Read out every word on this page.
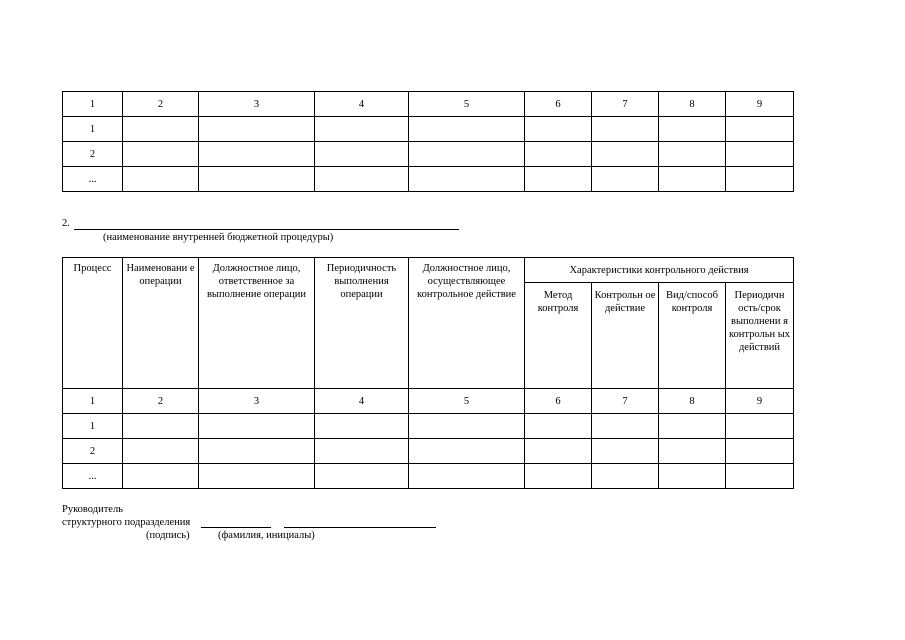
1	2	3	4	5	6	7	8	9
1								
2								
...								
2.
(наименование внутренней бюджетной процедуры)
Процесс	Наименовани е операции	Должностное лицо, ответственное за выполнение операции	Периодичность выполнения операции	Должностное лицо, осуществляющее контрольное действие	Характеристики контрольного действия			
					Метод контроля	Контрольн ое действие	Вид/способ контроля	Периодичн ость/срок выполнени я контрольн ых действий
1	2	3	4	5	6	7	8	9
1								
2								
...								
Руководитель
структурного подразделения
(подпись)	(фамилия, инициалы)
